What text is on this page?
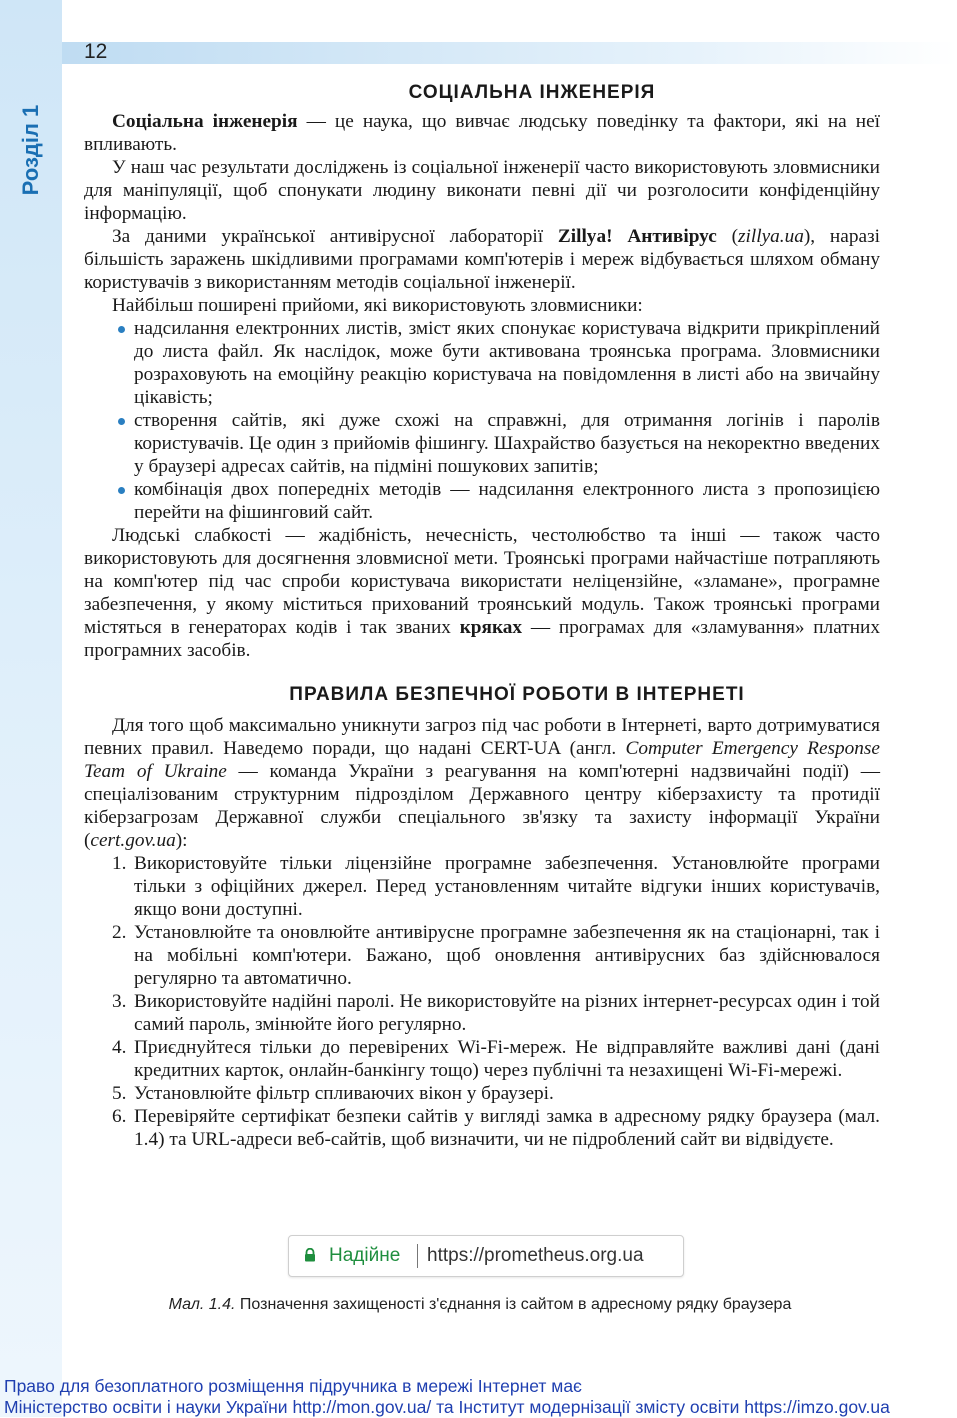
Розділ 1
12
СОЦІАЛЬНА ІНЖЕНЕРІЯ

Соціальна інженерія — це наука, що вивчає людську поведінку та фактори, які на неї впливають.

У наш час результати досліджень із соціальної інженерії часто використовують зловмисники для маніпуляції, щоб спонукати людину виконати певні дії чи розголосити конфіденційну інформацію.

За даними української антивірусної лабораторії Zillya! Антивірус (zillya.ua), наразі більшість заражень шкідливими програмами комп'ютерів і мереж відбувається шляхом обману користувачів з використанням методів соціальної інженерії.

Найбільш поширені прийоми, які використовують зловмисники:

надсилання електронних листів, зміст яких спонукає користувача відкрити прикріплений до листа файл. Як наслідок, може бути активована троянська програма. Зловмисники розраховують на емоційну реакцію користувача на повідомлення в листі або на звичайну цікавість;
створення сайтів, які дуже схожі на справжні, для отримання логінів і паролів користувачів. Це один з прийомів фішингу. Шахрайство базується на некоректно введених у браузері адресах сайтів, на підміні пошукових запитів;
комбінація двох попередніх методів — надсилання електронного листа з пропозицією перейти на фішинговий сайт.

Людські слабкості — жадібність, нечесність, честолюбство та інші — також часто використовують для досягнення зловмисної мети. Троянські програми найчастіше потрапляють на комп'ютер під час спроби користувача використати неліцензійне, «зламане», програмне забезпечення, у якому міститься прихований троянський модуль. Також троянські програми містяться в генераторах кодів і так званих кряках — програмах для «зламування» платних програмних засобів.

ПРАВИЛА БЕЗПЕЧНОЇ РОБОТИ В ІНТЕРНЕТІ

Для того щоб максимально уникнути загроз під час роботи в Інтернеті, варто дотримуватися певних правил. Наведемо поради, що надані CERT-UA (англ. Computer Emergency Response Team of Ukraine — команда України з реагування на комп'ютерні надзвичайні події) — спеціалізованим структурним підрозділом Державного центру кіберзахисту та протидії кіберзагрозам Державної служби спеціального зв'язку та захисту інформації України (cert.gov.ua):

1. Використовуйте тільки ліцензійне програмне забезпечення. Установлюйте програми тільки з офіційних джерел. Перед установленням читайте відгуки інших користувачів, якщо вони доступні.
2. Установлюйте та оновлюйте антивірусне програмне забезпечення як на стаціонарні, так і на мобільні комп'ютери. Бажано, щоб оновлення антивірусних баз здійснювалося регулярно та автоматично.
3. Використовуйте надійні паролі. Не використовуйте на різних інтернет-ресурсах один і той самий пароль, змінюйте його регулярно.
4. Приєднуйтеся тільки до перевірених Wi-Fi-мереж. Не відправляйте важливі дані (дані кредитних карток, онлайн-банкінгу тощо) через публічні та незахищені Wi-Fi-мережі.
5. Установлюйте фільтр спливаючих вікон у браузері.
6. Перевіряйте сертифікат безпеки сайтів у вигляді замка в адресному рядку браузера (мал. 1.4) та URL-адреси веб-сайтів, щоб визначити, чи не підроблений сайт ви відвідуєте.
Надійне https://prometheus.org.ua
Мал. 1.4. Позначення захищеності з'єднання із сайтом в адресному рядку браузера
Право для безоплатного розміщення підручника в мережі Інтернет має
Міністерство освіти і науки України http://mon.gov.ua/ та Інститут модернізації змісту освіти https://imzo.gov.ua
